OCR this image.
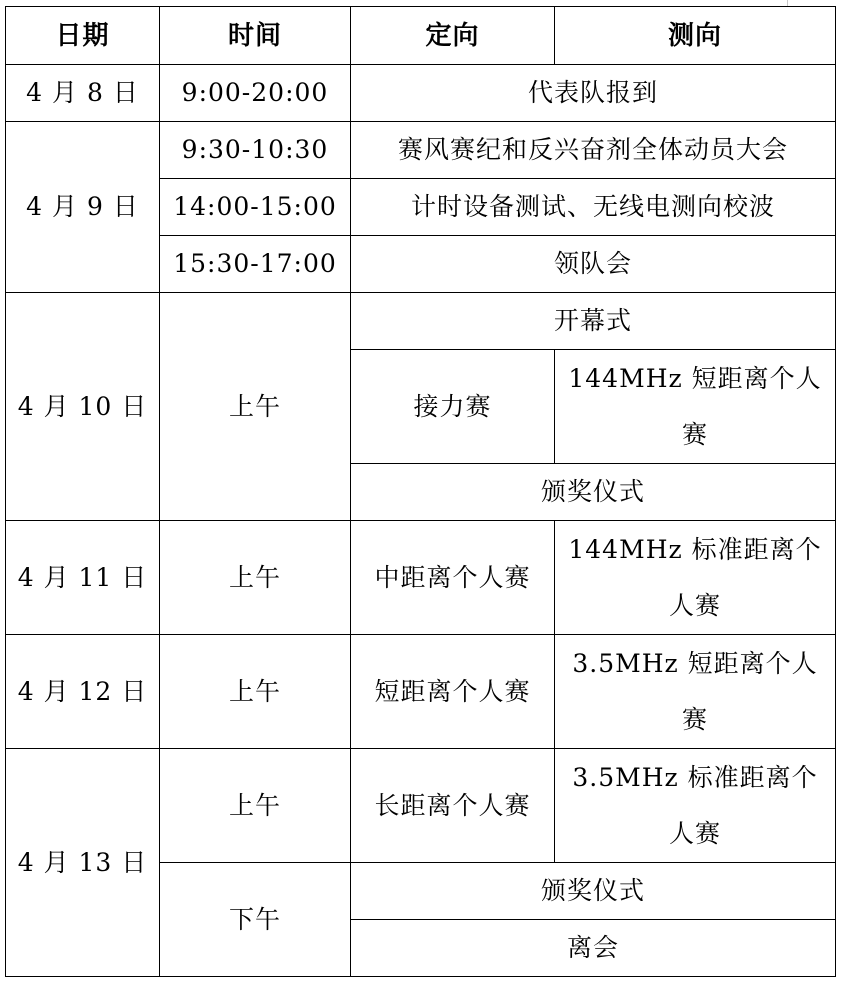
日期	时间	定向	测向
4 月 8 日	9:00-20:00	代表队报到	
4 月 9 日	9:30-10:30	赛风赛纪和反兴奋剂全体动员大会	
	14:00-15:00	计时设备测试、无线电测向校波	
	15:30-17:00	领队会	
4 月 10 日	上午	开幕式	
		接力赛	144MHz 短距离个人赛

		颁奖仪式	
4 月 11 日	上午	中距离个人赛	144MHz 标准距离个人赛

4 月 12 日	上午	短距离个人赛	3.5MHz 短距离个人赛

4 月 13 日	上午	长距离个人赛	3.5MHz 标准距离个人赛

	下午	颁奖仪式	
		离会	
